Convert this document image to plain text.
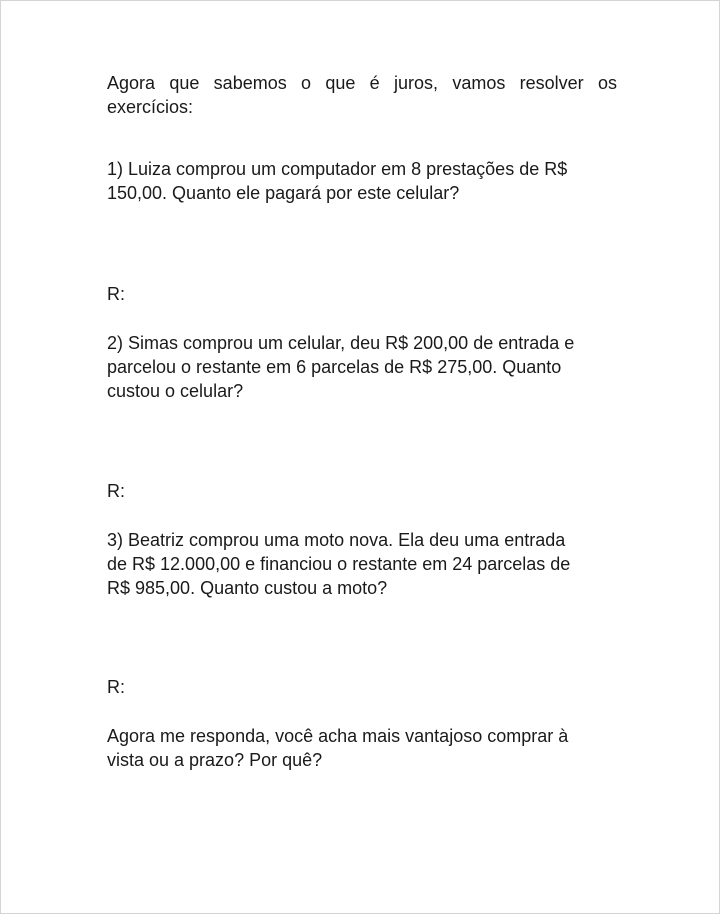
Agora que sabemos o que é juros, vamos resolver os
exercícios:

1) Luiza comprou um computador em 8 prestações de R$
150,00. Quanto ele pagará por este celular?

R:

2) Simas comprou um celular, deu R$ 200,00 de entrada e
parcelou o restante em 6 parcelas de R$ 275,00. Quanto
custou o celular?

R:

3) Beatriz comprou uma moto nova. Ela deu uma entrada
de R$ 12.000,00 e financiou o restante em 24 parcelas de
R$ 985,00. Quanto custou a moto?

R:

Agora me responda, você acha mais vantajoso comprar à
vista ou a prazo? Por quê?
